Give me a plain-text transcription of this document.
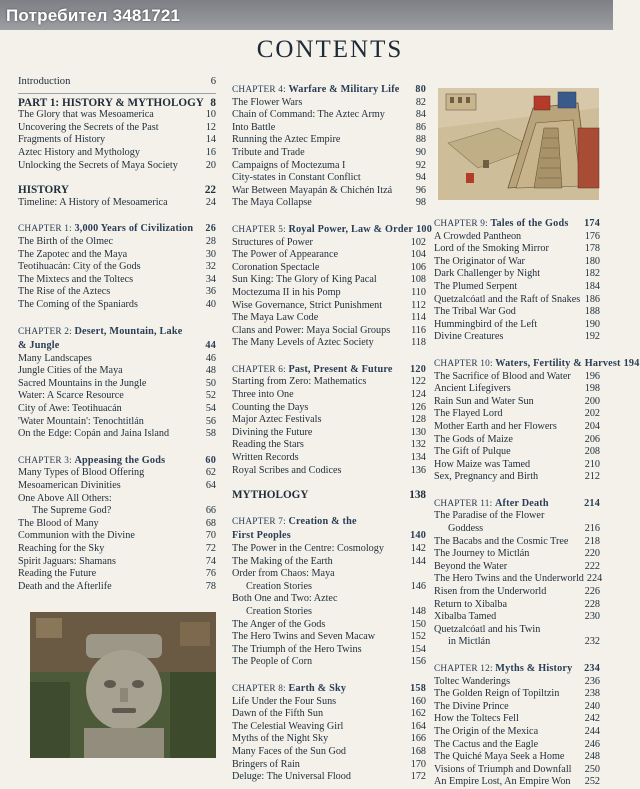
Потребител 3481721
CONTENTS
Introduction	6
PART 1: HISTORY & MYTHOLOGY 8
The Glory that was Mesoamerica	10
Uncovering the Secrets of the Past	12
Fragments of History	14
Aztec History and Mythology	16
Unlocking the Secrets of Maya Society	20
HISTORY	22
Timeline: A History of Mesoamerica	24
CHAPTER 1: 3,000 Years of Civilization 26
The Birth of the Olmec	28
The Zapotec and the Maya	30
Teotihuacán: City of the Gods	32
The Mixtecs and the Toltecs	34
The Rise of the Aztecs	36
The Coming of the Spaniards	40
CHAPTER 2: Desert, Mountain, Lake
& Jungle	44
Many Landscapes	46
Jungle Cities of the Maya	48
Sacred Mountains in the Jungle	50
Water: A Scarce Resource	52
City of Awe: Teotihuacán	54
'Water Mountain': Tenochtitlán	56
On the Edge: Copán and Jaina Island	58
CHAPTER 3: Appeasing the Gods	60
Many Types of Blood Offering	62
Mesoamerican Divinities	64
One Above All Others:
The Supreme God?	66
The Blood of Many	68
Communion with the Divine	70
Reaching for the Sky	72
Spirit Jaguars: Shamans	74
Reading the Future	76
Death and the Afterlife	78
CHAPTER 4: Warfare & Military Life 80
The Flower Wars	82
Chain of Command: The Aztec Army	84
Into Battle	86
Running the Aztec Empire	88
Tribute and Trade	90
Campaigns of Moctezuma I	92
City-states in Constant Conflict	94
War Between Mayapán & Chichén Itzá 96
The Maya Collapse	98
CHAPTER 5: Royal Power, Law & Order 100
Structures of Power	102
The Power of Appearance	104
Coronation Spectacle	106
Sun King: The Glory of King Pacal	108
Moctezuma II in his Pomp	110
Wise Governance, Strict Punishment	112
The Maya Law Code	114
Clans and Power: Maya Social Groups 116
The Many Levels of Aztec Society	118
CHAPTER 6: Past, Present & Future 120
Starting from Zero: Mathematics	122
Three into One	124
Counting the Days	126
Major Aztec Festivals	128
Divining the Future	130
Reading the Stars	132
Written Records	134
Royal Scribes and Codices	136
MYTHOLOGY	138
CHAPTER 7: Creation & the
First Peoples	140
The Power in the Centre: Cosmology	142
The Making of the Earth	144
Order from Chaos: Maya
Creation Stories	146
Both One and Two: Aztec
Creation Stories	148
The Anger of the Gods	150
The Hero Twins and Seven Macaw	152
The Triumph of the Hero Twins	154
The People of Corn	156
CHAPTER 8: Earth & Sky	158
Life Under the Four Suns	160
Dawn of the Fifth Sun	162
The Celestial Weaving Girl	164
Myths of the Night Sky	166
Many Faces of the Sun God	168
Bringers of Rain	170
Deluge: The Universal Flood	172
CHAPTER 9: Tales of the Gods 174
A Crowded Pantheon	176
Lord of the Smoking Mirror	178
The Originator of War	180
Dark Challenger by Night	182
The Plumed Serpent	184
Quetzalcóatl and the Raft of Snakes 186
The Tribal War God	188
Hummingbird of the Left	190
Divine Creatures	192
CHAPTER 10: Waters, Fertility & Harvest 194
The Sacrifice of Blood and Water 196
Ancient Lifegivers	198
Rain Sun and Water Sun	200
The Flayed Lord	202
Mother Earth and her Flowers	204
The Gods of Maize	206
The Gift of Pulque	208
How Maize was Tamed	210
Sex, Pregnancy and Birth	212
CHAPTER 11: After Death	214
The Paradise of the Flower
Goddess	216
The Bacabs and the Cosmic Tree 218
The Journey to Mictlán	220
Beyond the Water	222
The Hero Twins and the Underworld 224
Risen from the Underworld	226
Return to Xibalba	228
Xibalba Tamed	230
Quetzalcóatl and his Twin
in Mictlán	232
CHAPTER 12: Myths & History 234
Toltec Wanderings	236
The Golden Reign of Topiltzin 238
The Divine Prince	240
How the Toltecs Fell	242
The Origin of the Mexica	244
The Cactus and the Eagle	246
The Quiché Maya Seek a Home 248
Visions of Triumph and Downfall 250
An Empire Lost, An Empire Won 252
